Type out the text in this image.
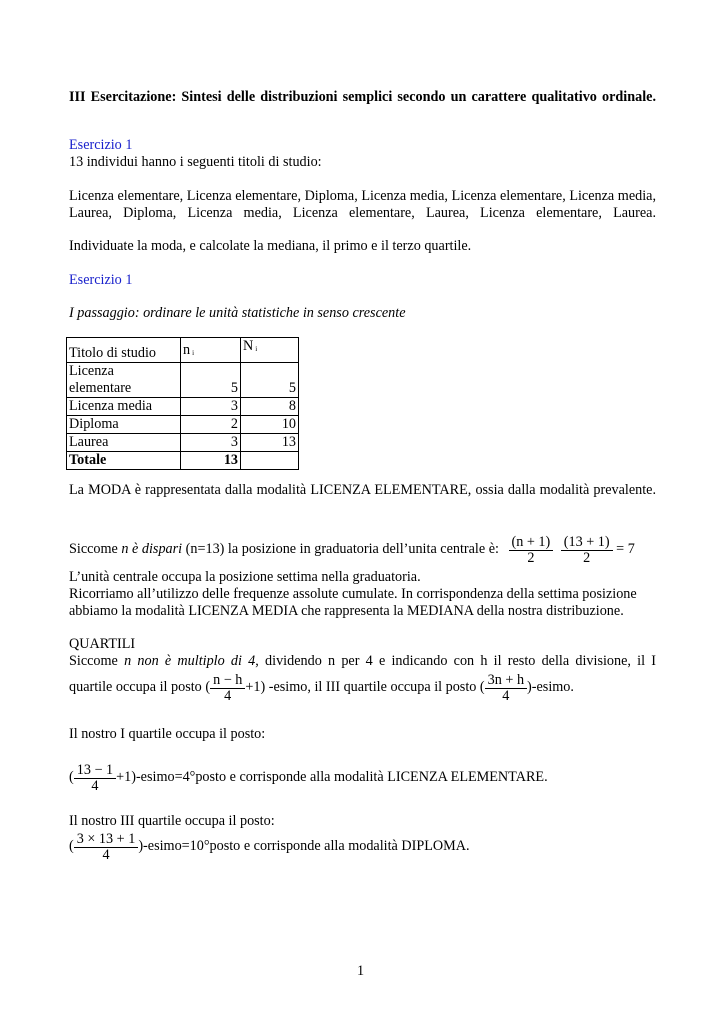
III Esercitazione: Sintesi delle distribuzioni semplici secondo un carattere qualitativo ordinale.
Esercizio 1
13 individui hanno i seguenti titoli di studio:
Licenza elementare, Licenza elementare, Diploma, Licenza media, Licenza elementare, Licenza media, Laurea, Diploma, Licenza media, Licenza elementare, Laurea, Licenza elementare, Laurea.
Individuate la moda, e calcolate la mediana, il primo e il terzo quartile.
Esercizio 1
I passaggio: ordinare le unità statistiche in senso crescente
Titolo di studio	n i	N i
Licenza
elementare	5	5
Licenza media	3	8
Diploma	2	10
Laurea	3	13
Totale	13	
La MODA è rappresentata dalla modalità LICENZA ELEMENTARE, ossia dalla modalità prevalente.
Siccome n è dispari (n=13) la posizione in graduatoria dell’unita centrale è: $\frac{(n + 1)}{2}$
$\frac{(13 + 1)}{2} = 7$
L’unità centrale occupa la posizione settima nella graduatoria.
Ricorriamo all’utilizzo delle frequenze assolute cumulate. In corrispondenza della settima posizione
abbiamo la modalità LICENZA MEDIA che rappresenta la MEDIANA della nostra distribuzione.
QUARTILI
Siccome n non è multiplo di 4, dividendo n per 4 e indicando con h il resto della divisione, il I
quartile occupa il posto ( $\frac{n - h}{4} +1$) -esimo, il III quartile occupa il posto ( $\frac{3n + h}{4}$ )-esimo.
Il nostro I quartile occupa il posto:
( $\frac{13 - 1}{4}$ +1)-esimo=4°posto e corrisponde alla modalità LICENZA ELEMENTARE.
Il nostro III quartile occupa il posto:
( $\frac{3 \times 13 + 1}{4}$ )-esimo=10°posto e corrisponde alla modalità DIPLOMA.
1
